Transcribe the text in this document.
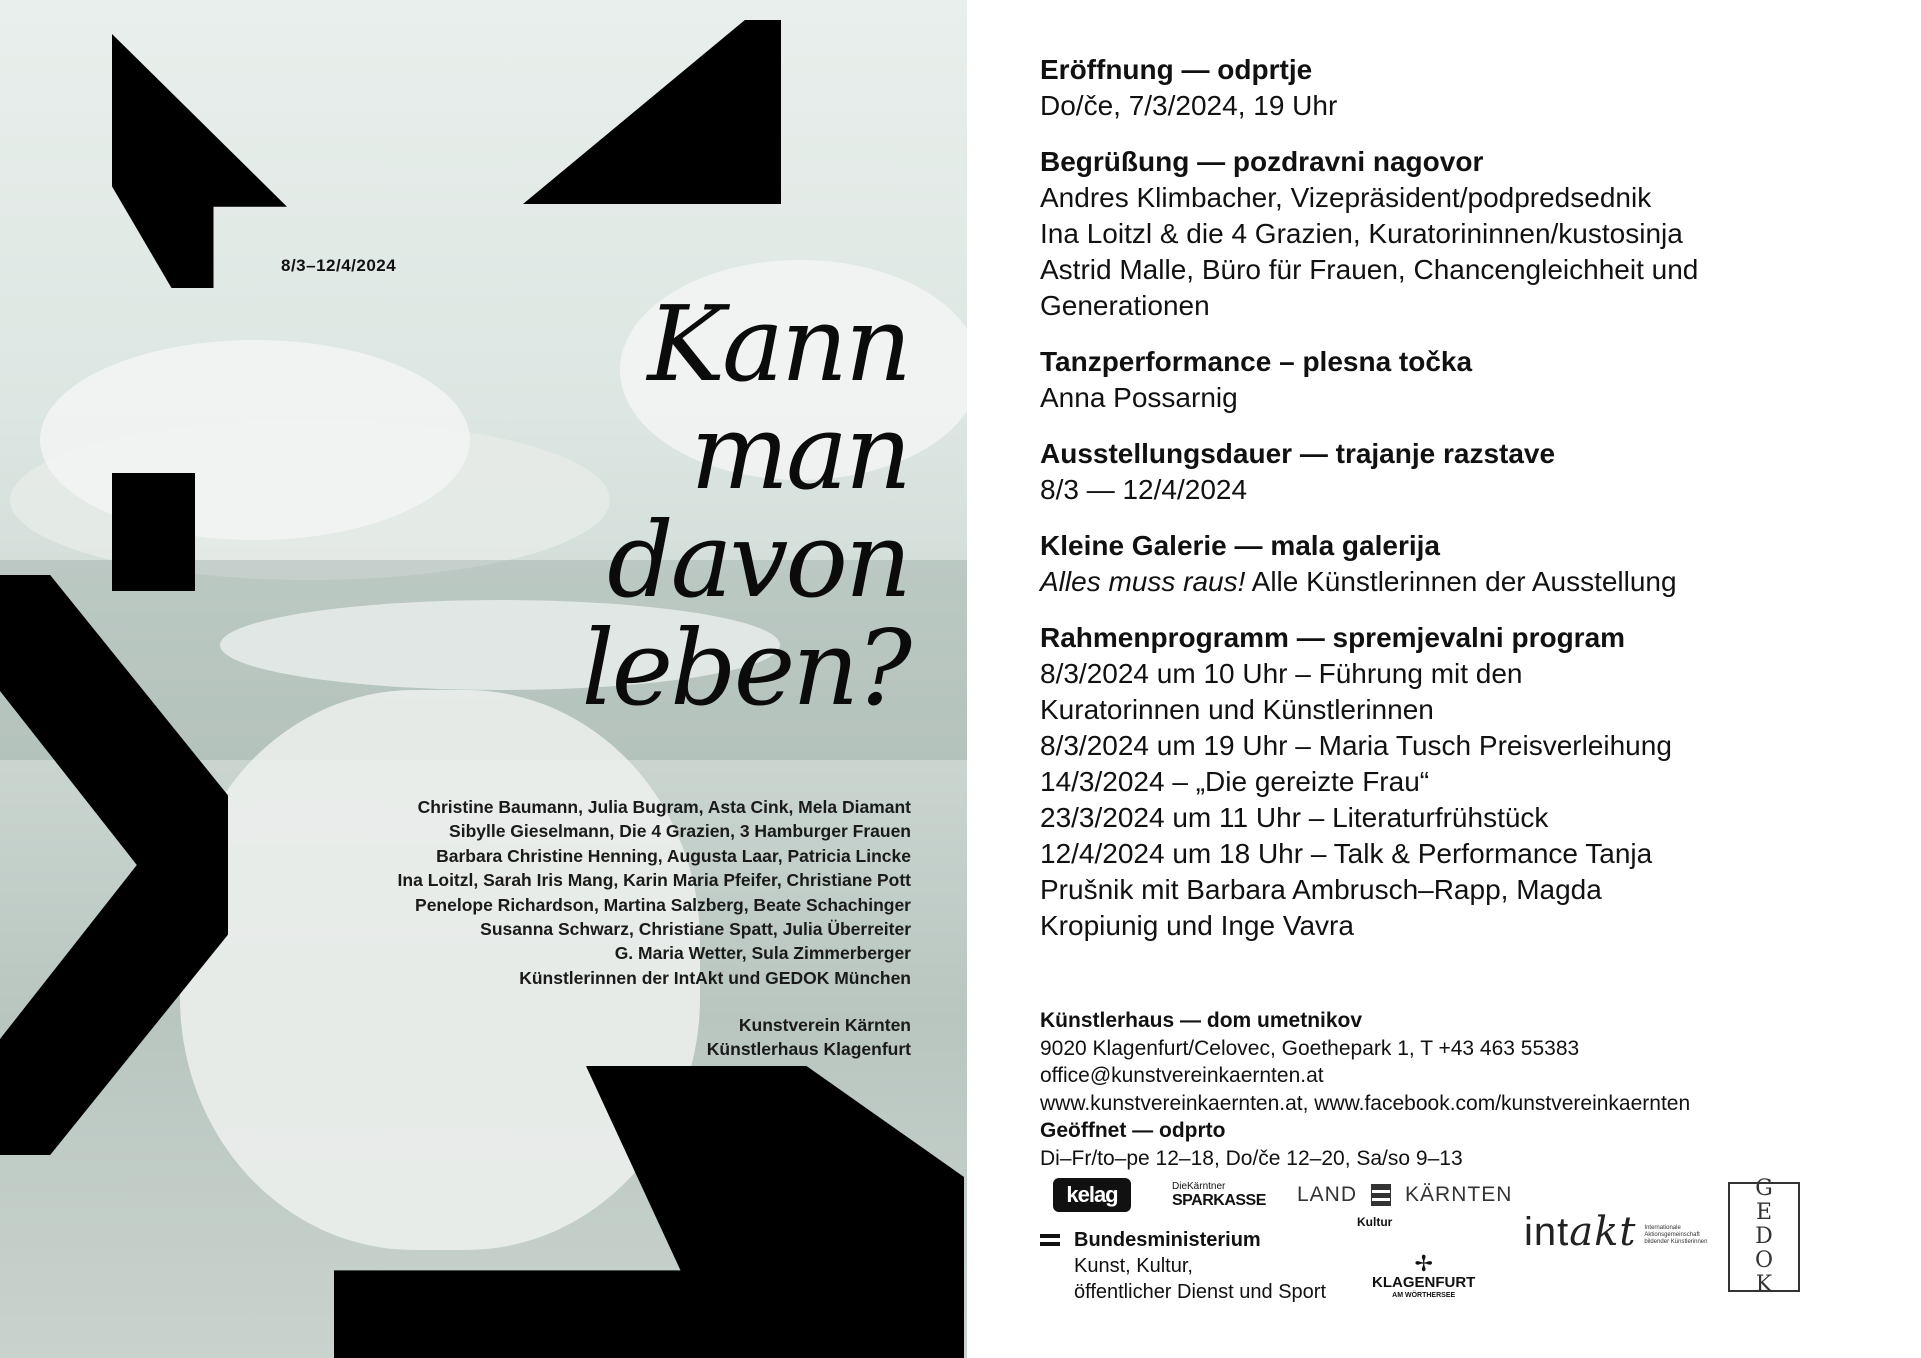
8/3–12/4/2024
Kann
man
davon
leben?
Christine Baumann, Julia Bugram, Asta Cink, Mela Diamant
Sibylle Gieselmann, Die 4 Grazien, 3 Hamburger Frauen
Barbara Christine Henning, Augusta Laar, Patricia Lincke
Ina Loitzl, Sarah Iris Mang, Karin Maria Pfeifer, Christiane Pott
Penelope Richardson, Martina Salzberg, Beate Schachinger
Susanna Schwarz, Christiane Spatt, Julia Überreiter
G. Maria Wetter, Sula Zimmerberger
Künstlerinnen der IntAkt und GEDOK München
Kunstverein Kärnten
Künstlerhaus Klagenfurt
Eröffnung — odprtje

Do/če, 7/3/2024, 19 Uhr

Begrüßung — pozdravni nagovor

Andres Klimbacher, Vizepräsident/podpredsednik

Ina Loitzl & die 4 Grazien, Kuratorininnen/kustosinja

Astrid Malle, Büro für Frauen, Chancengleichheit und

Generationen

Tanzperformance – plesna točka

Anna Possarnig

Ausstellungsdauer — trajanje razstave

8/3 — 12/4/2024

Kleine Galerie — mala galerija

Alles muss raus! Alle Künstlerinnen der Ausstellung

Rahmenprogramm — spremjevalni program

8/3/2024 um 10 Uhr – Führung mit den

Kuratorinnen und Künstlerinnen

8/3/2024 um 19 Uhr – Maria Tusch Preisverleihung

14/3/2024 – „Die gereizte Frau“

23/3/2024 um 11 Uhr – Literaturfrühstück

12/4/2024 um 18 Uhr – Talk & Performance Tanja

Prušnik mit Barbara Ambrusch–Rapp, Magda

Kropiunig und Inge Vavra

Künstlerhaus — dom umetnikov
9020 Klagenfurt/Celovec, Goethepark 1, T +43 463 55383
office@kunstvereinkaernten.at
www.kunstvereinkaernten.at, www.facebook.com/kunstvereinkaernten
Geöffnet — odprto
Di–Fr/to–pe 12–18, Do/če 12–20, Sa/so 9–13
kelag	DieKärntner
SPARKASSE LAND KÄRNTEN
Kultur
Bundesministerium
Kunst, Kultur,
öffentlicher Dienst und Sport
✢
KLAGENFURT
AM WÖRTHERSEE
intakt Internationale Aktionsgemeinschaft bildender Künstlerinnen
G
E
D
O
K
